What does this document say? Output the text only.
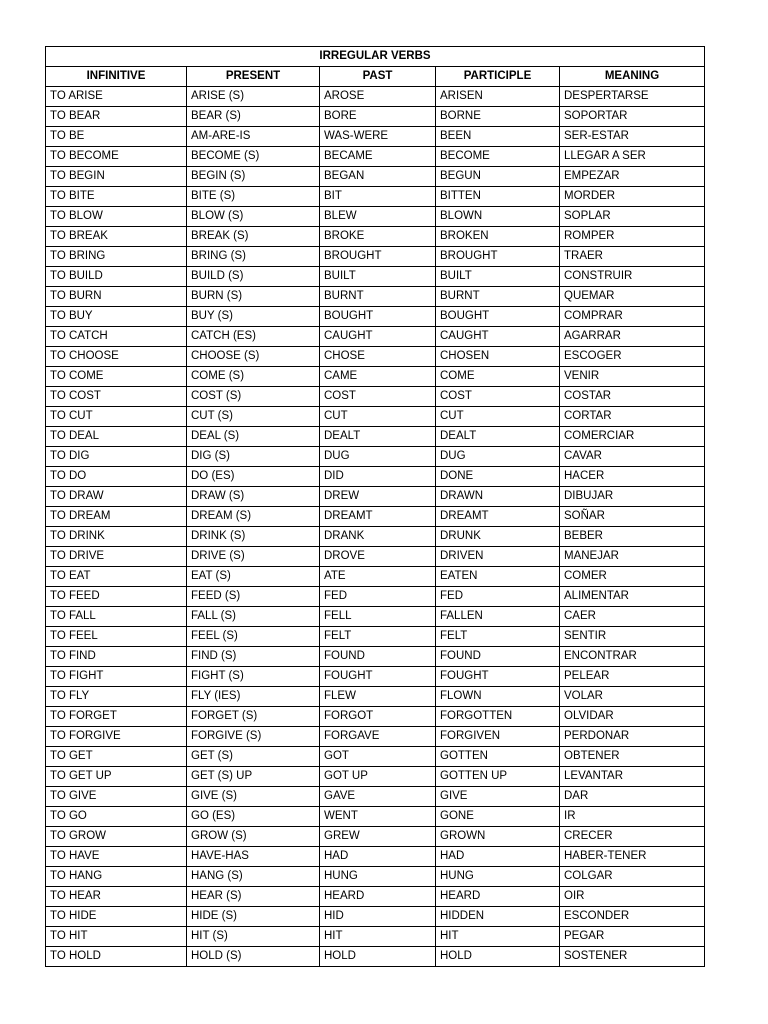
IRREGULAR VERBS				
INFINITIVE	PRESENT	PAST	PARTICIPLE	MEANING
TO ARISE	ARISE (S)	AROSE	ARISEN	DESPERTARSE
TO BEAR	BEAR (S)	BORE	BORNE	SOPORTAR
TO BE	AM-ARE-IS	WAS-WERE	BEEN	SER-ESTAR
TO BECOME	BECOME (S)	BECAME	BECOME	LLEGAR A SER
TO BEGIN	BEGIN (S)	BEGAN	BEGUN	EMPEZAR
TO BITE	BITE (S)	BIT	BITTEN	MORDER
TO BLOW	BLOW (S)	BLEW	BLOWN	SOPLAR
TO BREAK	BREAK (S)	BROKE	BROKEN	ROMPER
TO BRING	BRING (S)	BROUGHT	BROUGHT	TRAER
TO BUILD	BUILD (S)	BUILT	BUILT	CONSTRUIR
TO BURN	BURN (S)	BURNT	BURNT	QUEMAR
TO BUY	BUY (S)	BOUGHT	BOUGHT	COMPRAR
TO CATCH	CATCH (ES)	CAUGHT	CAUGHT	AGARRAR
TO CHOOSE	CHOOSE (S)	CHOSE	CHOSEN	ESCOGER
TO COME	COME (S)	CAME	COME	VENIR
TO COST	COST (S)	COST	COST	COSTAR
TO CUT	CUT (S)	CUT	CUT	CORTAR
TO DEAL	DEAL (S)	DEALT	DEALT	COMERCIAR
TO DIG	DIG (S)	DUG	DUG	CAVAR
TO DO	DO (ES)	DID	DONE	HACER
TO DRAW	DRAW (S)	DREW	DRAWN	DIBUJAR
TO DREAM	DREAM (S)	DREAMT	DREAMT	SOÑAR
TO DRINK	DRINK (S)	DRANK	DRUNK	BEBER
TO DRIVE	DRIVE (S)	DROVE	DRIVEN	MANEJAR
TO EAT	EAT (S)	ATE	EATEN	COMER
TO FEED	FEED (S)	FED	FED	ALIMENTAR
TO FALL	FALL (S)	FELL	FALLEN	CAER
TO FEEL	FEEL (S)	FELT	FELT	SENTIR
TO FIND	FIND (S)	FOUND	FOUND	ENCONTRAR
TO FIGHT	FIGHT (S)	FOUGHT	FOUGHT	PELEAR
TO FLY	FLY (IES)	FLEW	FLOWN	VOLAR
TO FORGET	FORGET (S)	FORGOT	FORGOTTEN	OLVIDAR
TO FORGIVE	FORGIVE (S)	FORGAVE	FORGIVEN	PERDONAR
TO GET	GET (S)	GOT	GOTTEN	OBTENER
TO GET UP	GET (S) UP	GOT UP	GOTTEN UP	LEVANTAR
TO GIVE	GIVE (S)	GAVE	GIVE	DAR
TO GO	GO (ES)	WENT	GONE	IR
TO GROW	GROW (S)	GREW	GROWN	CRECER
TO HAVE	HAVE-HAS	HAD	HAD	HABER-TENER
TO HANG	HANG (S)	HUNG	HUNG	COLGAR
TO HEAR	HEAR (S)	HEARD	HEARD	OIR
TO HIDE	HIDE (S)	HID	HIDDEN	ESCONDER
TO HIT	HIT (S)	HIT	HIT	PEGAR
TO HOLD	HOLD (S)	HOLD	HOLD	SOSTENER
